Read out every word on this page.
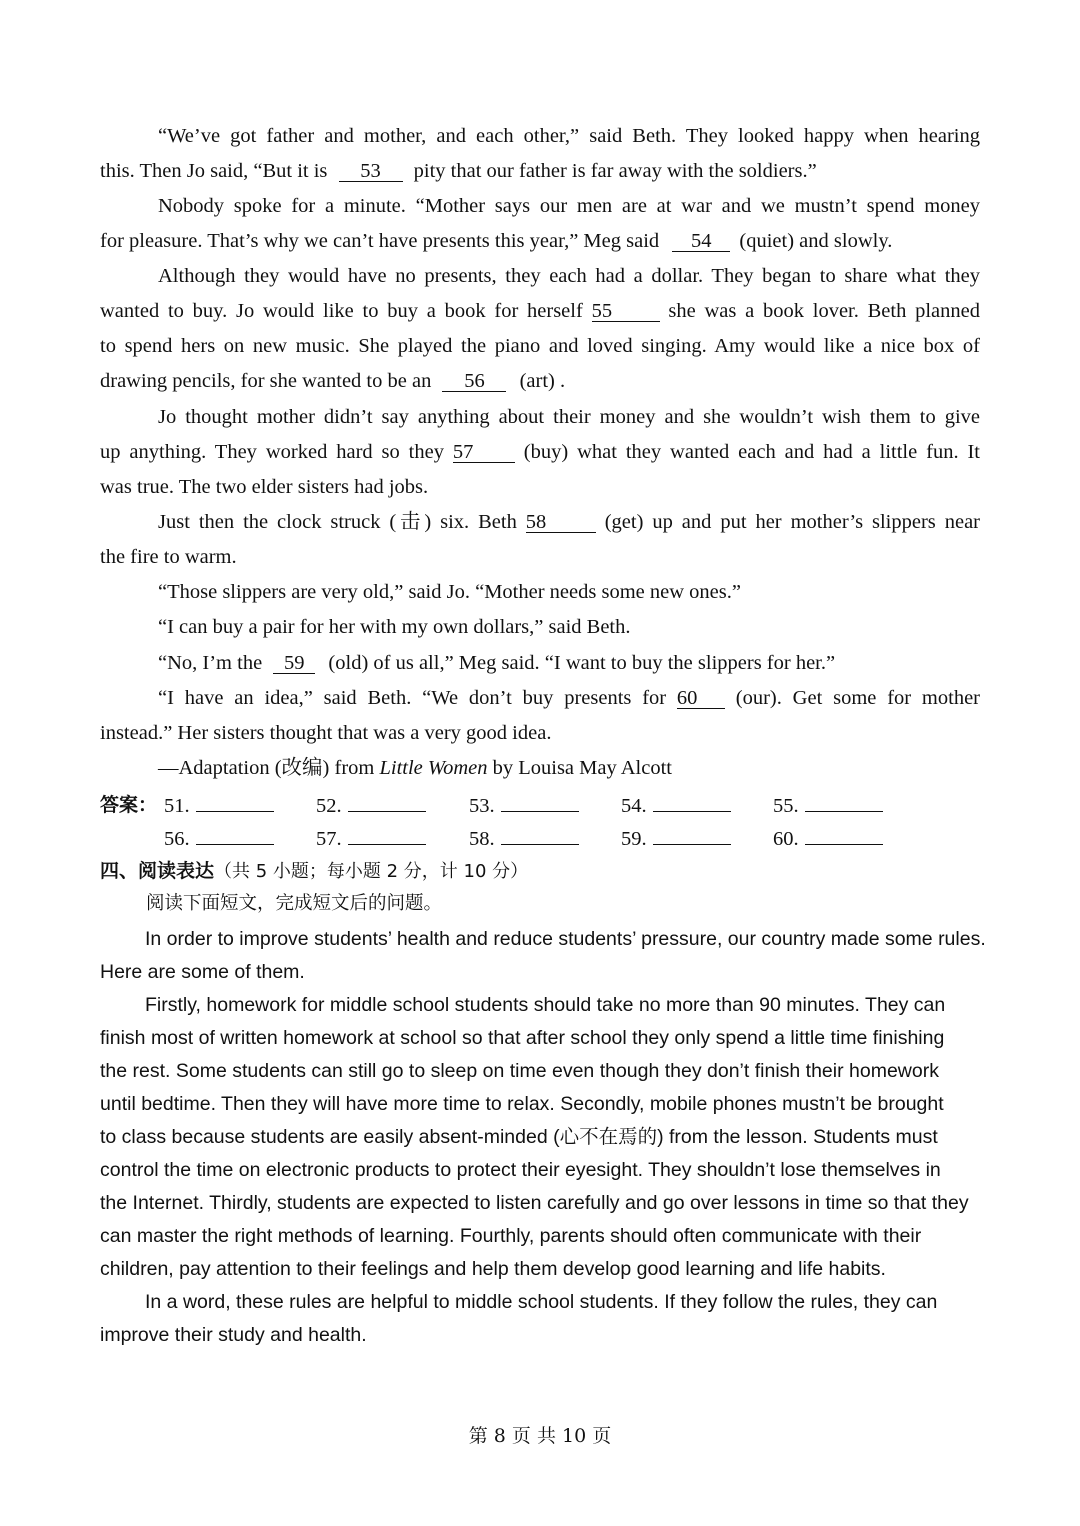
“We’ve got father and mother, and each other,” said Beth. They looked happy when hearing
this. Then Jo said, “But it is 53 pity that our father is far away with the soldiers.”
Nobody spoke for a minute. “Mother says our men are at war and we mustn’t spend money
for pleasure. That’s why we can’t have presents this year,” Meg said 54 (quiet) and slowly.
Although they would have no presents, they each had a dollar. They began to share what they
wanted to buy. Jo would like to buy a book for herself 55	she was a book lover. Beth planned
to spend hers on new music. She played the piano and loved singing. Amy would like a nice box of
drawing pencils, for she wanted to be an 56 (art) .
Jo thought mother didn’t say anything about their money and she wouldn’t wish them to give
up anything. They worked hard so they 57 (buy) what they wanted each and had a little fun. It
was true. The two elder sisters had jobs.
Just then the clock struck (击) six. Beth 58	(get) up and put her mother’s slippers near
the fire to warm.
“Those slippers are very old,” said Jo. “Mother needs some new ones.”
“I can buy a pair for her with my own dollars,” said Beth.
“No, I’m the 59 (old) of us all,” Meg said. “I want to buy the slippers for her.”
“I have an idea,” said Beth. “We don’t buy presents for 60 (our). Get some for mother
instead.” Her sisters thought that was a very good idea.
—Adaptation (改编) from Little Women by Louisa May Alcott
答案： 51.	52.	53.	54.	55.
56.	57.	58.	59.	60.
四、阅读表达（共 5 小题；每小题 2 分，计 10 分）
阅读下面短文，完成短文后的问题。
In order to improve students’ health and reduce students’ pressure, our country made some rules.
Here are some of them.
Firstly, homework for middle school students should take no more than 90 minutes. They can
finish most of written homework at school so that after school they only spend a little time finishing
the rest. Some students can still go to sleep on time even though they don’t finish their homework
until bedtime. Then they will have more time to relax. Secondly, mobile phones mustn’t be brought
to class because students are easily absent-minded (心不在焉的) from the lesson. Students must
control the time on electronic products to protect their eyesight. They shouldn’t lose themselves in
the Internet. Thirdly, students are expected to listen carefully and go over lessons in time so that they
can master the right methods of learning. Fourthly, parents should often communicate with their
children, pay attention to their feelings and help them develop good learning and life habits.
In a word, these rules are helpful to middle school students. If they follow the rules, they can
improve their study and health.
第 8 页 共 10 页
